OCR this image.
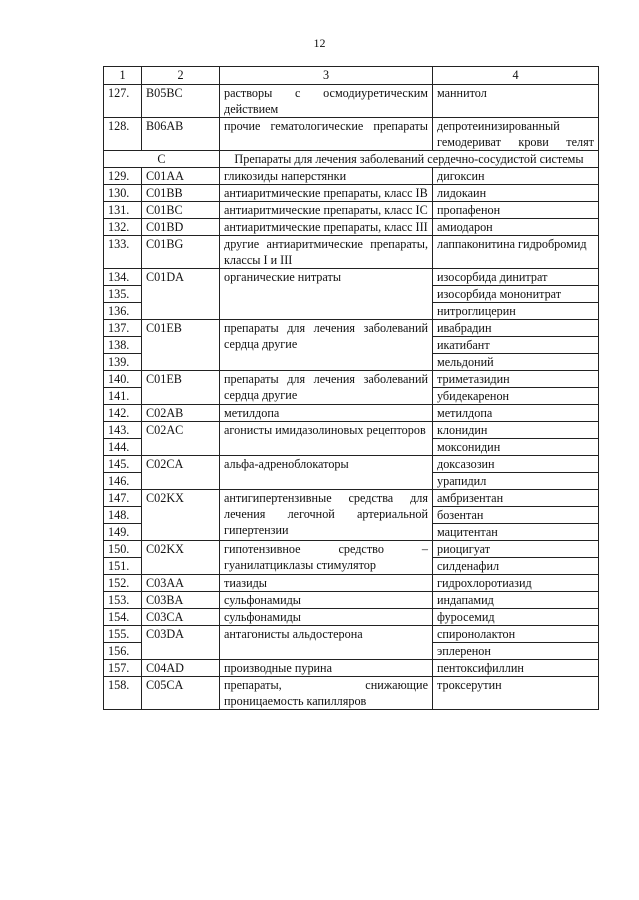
12
1	2	3	4
127.	B05BC	растворы с осмодиуретическим действием	маннитол
128.	B06AB	прочие гематологические препараты	депротеинизированный гемодериват крови телят
C		Препараты для лечения заболеваний сердечно-сосудистой системы	
129.	C01AA	гликозиды наперстянки	дигоксин
130.	C01BB	антиаритмические препараты, класс IB	лидокаин
131.	C01BC	антиаритмические препараты, класс IC	пропафенон
132.	C01BD	антиаритмические препараты, класс III	амиодарон
133.	C01BG	другие антиаритмические препараты, классы I и III	лаппаконитина гидробромид
134.	C01DA	органические нитраты	изосорбида динитрат
135.			изосорбида мононитрат
136.			нитроглицерин
137.	C01EB	препараты для лечения заболеваний сердца другие	ивабрадин
138.			икатибант
139.			мельдоний
140.	C01EB	препараты для лечения заболеваний сердца другие	триметазидин
141.			убидекаренон
142.	C02AB	метилдопа	метилдопа
143.	C02AC	агонисты имидазолиновых рецепторов	клонидин
144.			моксонидин
145.	C02CA	альфа-адреноблокаторы	доксазозин
146.			урапидил
147.	C02KX	антигипертензивные средства для лечения легочной артериальной гипертензии	амбризентан
148.			бозентан
149.			мацитентан
150.	C02KX	гипотензивное средство – гуанилатциклазы стимулятор	риоцигуат
151.			силденафил
152.	C03AA	тиазиды	гидрохлоротиазид
153.	C03BA	сульфонамиды	индапамид
154.	C03CA	сульфонамиды	фуросемид
155.	C03DA	антагонисты альдостерона	спиронолактон
156.			эплеренон
157.	C04AD	производные пурина	пентоксифиллин
158.	C05CA	препараты, снижающие проницаемость капилляров	троксерутин
